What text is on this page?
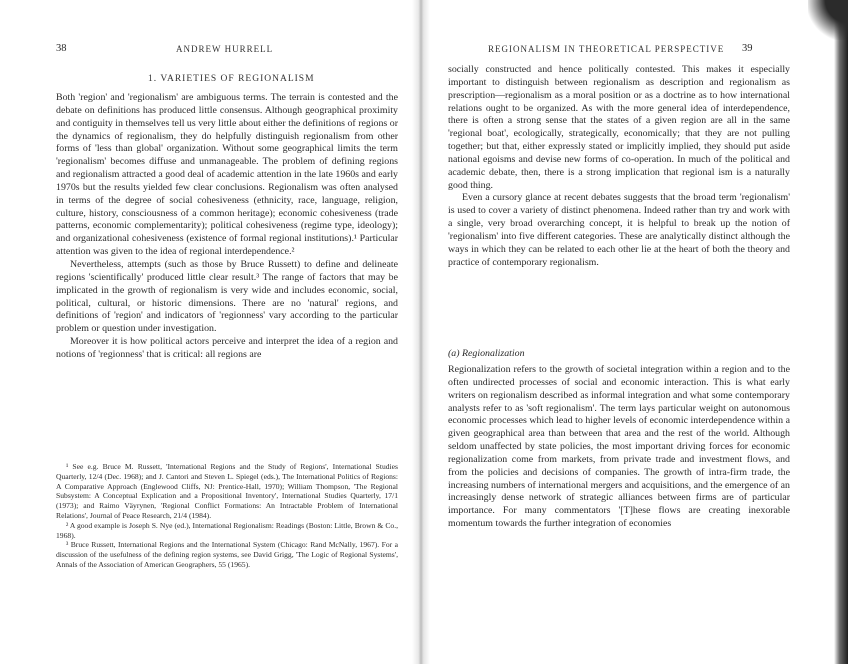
38	ANDREW HURRELL
1. VARIETIES OF REGIONALISM

Both 'region' and 'regionalism' are ambiguous terms. The terrain is contested and the debate on definitions has produced little consensus. Although geographical proximity and contiguity in themselves tell us very little about either the definitions of regions or the dynamics of regionalism, they do helpfully distinguish regionalism from other forms of 'less than global' organization. Without some geographical limits the term 'regionalism' becomes diffuse and unmanageable. The problem of defining regions and regionalism attracted a good deal of academic attention in the late 1960s and early 1970s but the results yielded few clear conclusions. Regionalism was often analysed in terms of the degree of social cohesiveness (ethnicity, race, language, religion, culture, history, consciousness of a common heritage); economic cohesiveness (trade patterns, economic complementarity); political cohesiveness (regime type, ideology); and organizational cohesiveness (existence of formal regional institutions).¹ Particular attention was given to the idea of regional interdependence.²

Nevertheless, attempts (such as those by Bruce Russett) to define and delineate regions 'scientifically' produced little clear result.³ The range of factors that may be implicated in the growth of regionalism is very wide and includes economic, social, political, cultural, or historic dimensions. There are no 'natural' regions, and definitions of 'region' and indicators of 'regionness' vary according to the particular problem or question under investigation.

Moreover it is how political actors perceive and interpret the idea of a region and notions of 'regionness' that is critical: all regions are

¹ See e.g. Bruce M. Russett, 'International Regions and the Study of Regions', International Studies Quarterly, 12/4 (Dec. 1968); and J. Cantori and Steven L. Spiegel (eds.), The International Politics of Regions: A Comparative Approach (Englewood Cliffs, NJ: Prentice-Hall, 1970); William Thompson, 'The Regional Subsystem: A Conceptual Explication and a Propositional Inventory', International Studies Quarterly, 17/1 (1973); and Raimo Väyrynen, 'Regional Conflict Formations: An Intractable Problem of International Relations', Journal of Peace Research, 21/4 (1984).

² A good example is Joseph S. Nye (ed.), International Regionalism: Readings (Boston: Little, Brown & Co., 1968).

³ Bruce Russett, International Regions and the International System (Chicago: Rand McNally, 1967). For a discussion of the usefulness of the defining region systems, see David Grigg, 'The Logic of Regional Systems', Annals of the Association of American Geographers, 55 (1965).

REGIONALISM IN THEORETICAL PERSPECTIVE 39

socially constructed and hence politically contested. This makes it especially important to distinguish between regionalism as description and regionalism as prescription—regionalism as a moral position or as a doctrine as to how international relations ought to be organized. As with the more general idea of interdependence, there is often a strong sense that the states of a given region are all in the same 'regional boat', ecologically, strategically, economically; that they are not pulling together; but that, either expressly stated or implicitly implied, they should put aside national egoisms and devise new forms of co-operation. In much of the political and academic debate, then, there is a strong implication that regional ism is a naturally good thing.

Even a cursory glance at recent debates suggests that the broad term 'regionalism' is used to cover a variety of distinct phenomena. Indeed rather than try and work with a single, very broad overarching concept, it is helpful to break up the notion of 'regionalism' into five different categories. These are analytically distinct although the ways in which they can be related to each other lie at the heart of both the theory and practice of contemporary regionalism.

(a) Regionalization

Regionalization refers to the growth of societal integration within a region and to the often undirected processes of social and economic interaction. This is what early writers on regionalism described as informal integration and what some contemporary analysts refer to as 'soft regionalism'. The term lays particular weight on autonomous economic processes which lead to higher levels of economic interdependence within a given geographical area than between that area and the rest of the world. Although seldom unaffected by state policies, the most important driving forces for economic regionalization come from markets, from private trade and investment flows, and from the policies and decisions of companies. The growth of intra-firm trade, the increasing numbers of international mergers and acquisitions, and the emergence of an increasingly dense network of strategic alliances between firms are of particular importance. For many commentators '[T]hese flows are creating inexorable momentum towards the further integration of economies
